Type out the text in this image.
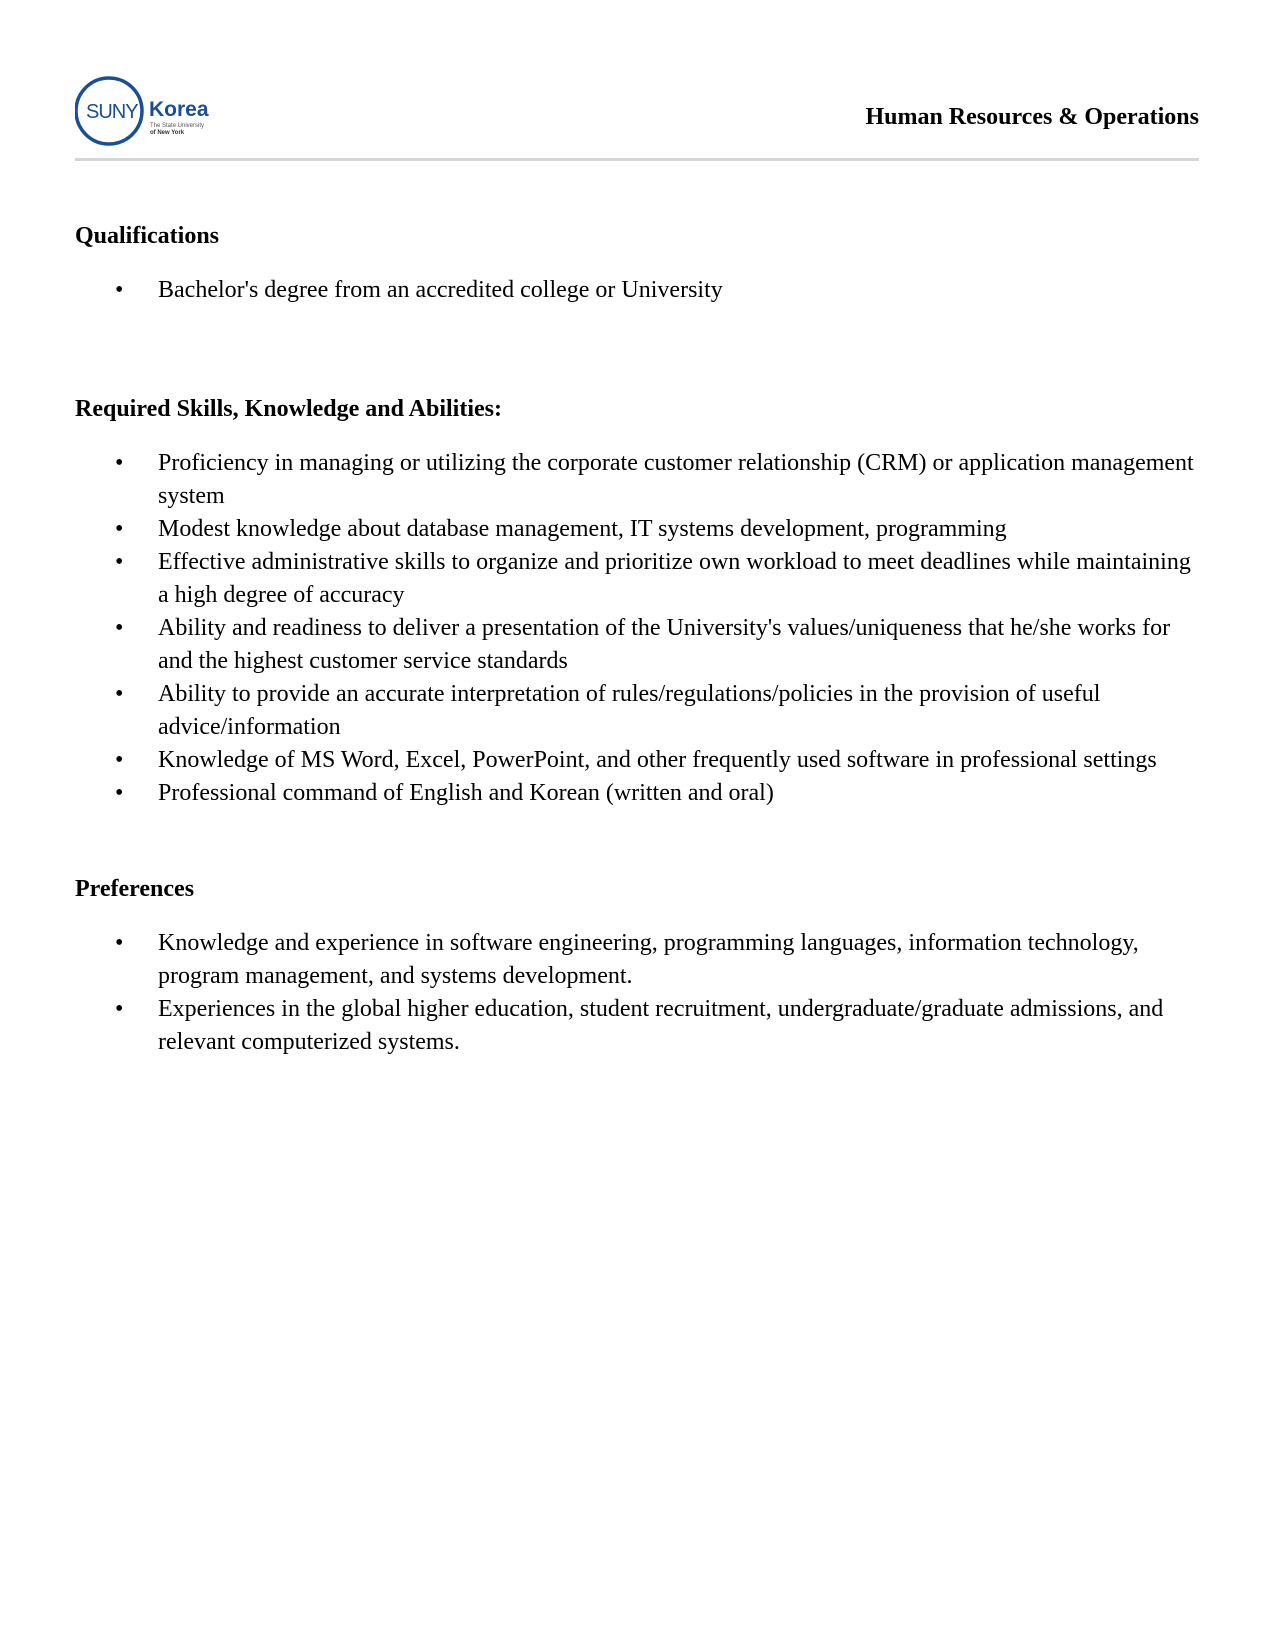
SUNY Korea
The State University
of New York
Human Resources & Operations
Qualifications
• Bachelor's degree from an accredited college or University
Required Skills, Knowledge and Abilities:
• Proficiency in managing or utilizing the corporate customer relationship (CRM) or application management system
• Modest knowledge about database management, IT systems development, programming
• Effective administrative skills to organize and prioritize own workload to meet deadlines while maintaining a high degree of accuracy
• Ability and readiness to deliver a presentation of the University's values/uniqueness that he/she works for and the highest customer service standards
• Ability to provide an accurate interpretation of rules/regulations/policies in the provision of useful advice/information
• Knowledge of MS Word, Excel, PowerPoint, and other frequently used software in professional settings
• Professional command of English and Korean (written and oral)
Preferences
• Knowledge and experience in software engineering, programming languages, information technology, program management, and systems development.
• Experiences in the global higher education, student recruitment, undergraduate/graduate admissions, and relevant computerized systems.
